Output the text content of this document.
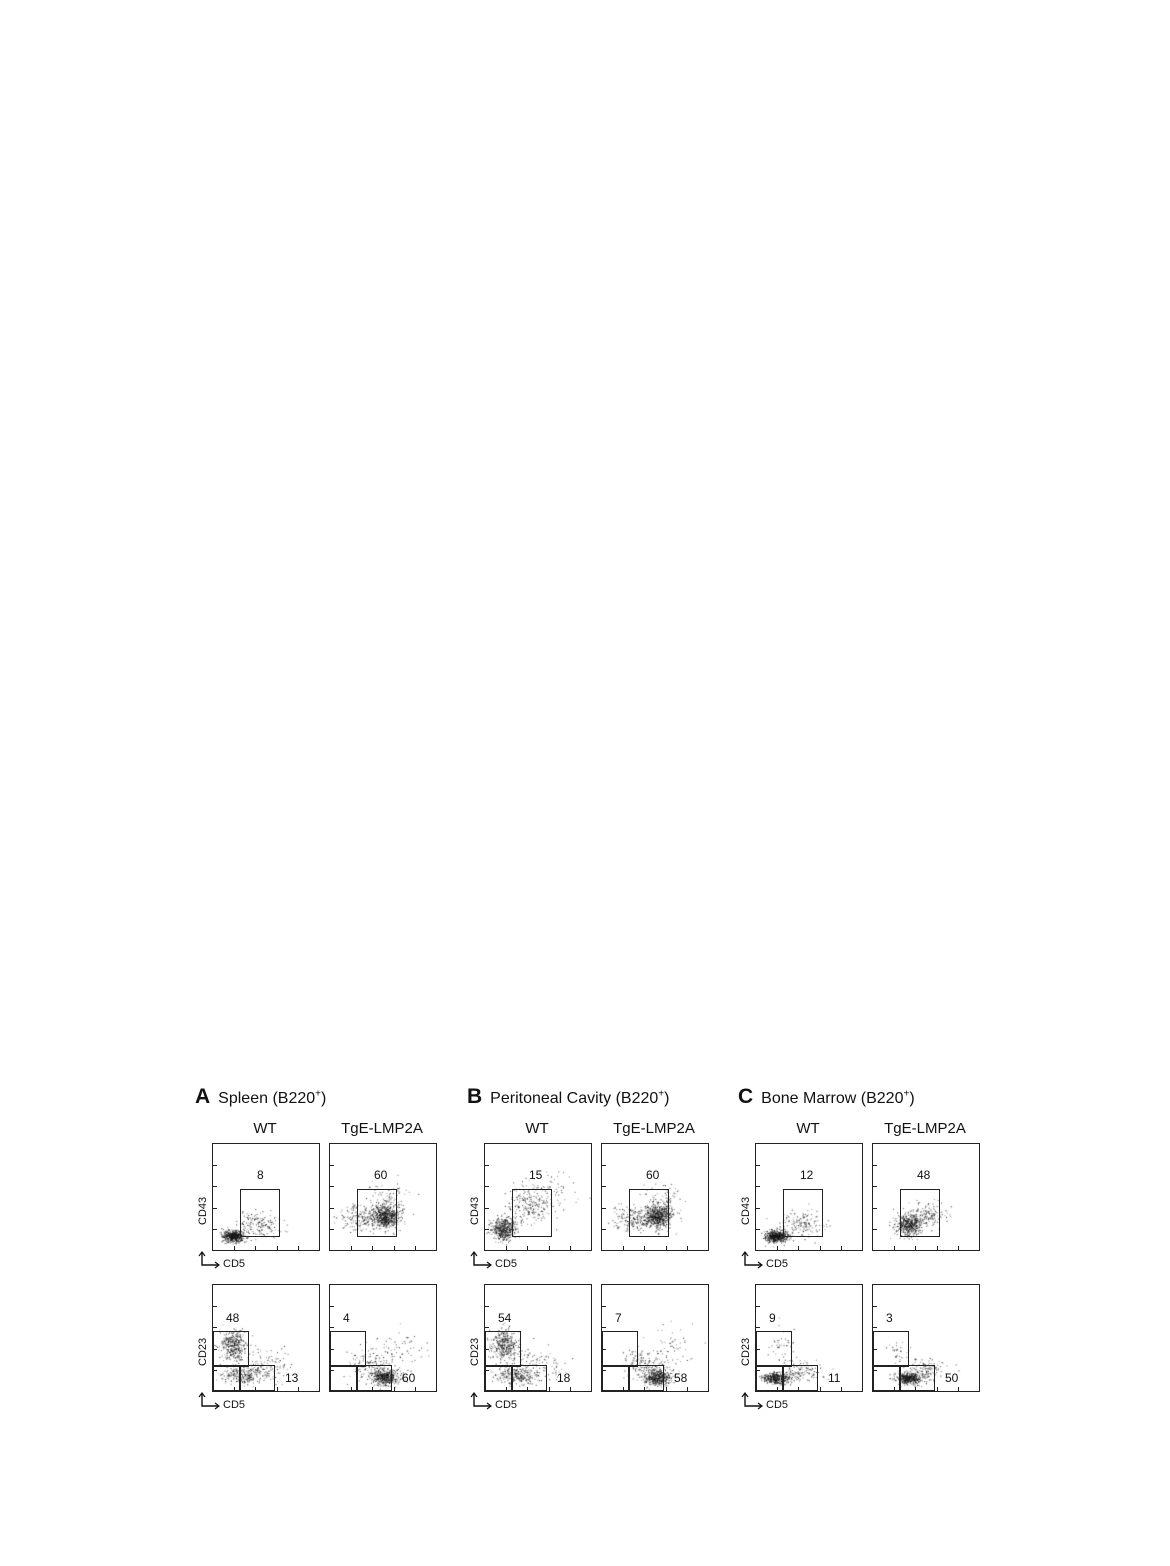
A Spleen (B220+)
WT	TgE-LMP2A
CD43
CD5
8	60
CD23
CD5
48
13
4
60
B Peritoneal Cavity (B220+)
WT	TgE-LMP2A
CD43
CD5
15	60
CD23
CD5
54
18
7
58
C Bone Marrow (B220+)
WT	TgE-LMP2A
CD43
CD5
12	48
CD23
CD5
9
11
3
50
